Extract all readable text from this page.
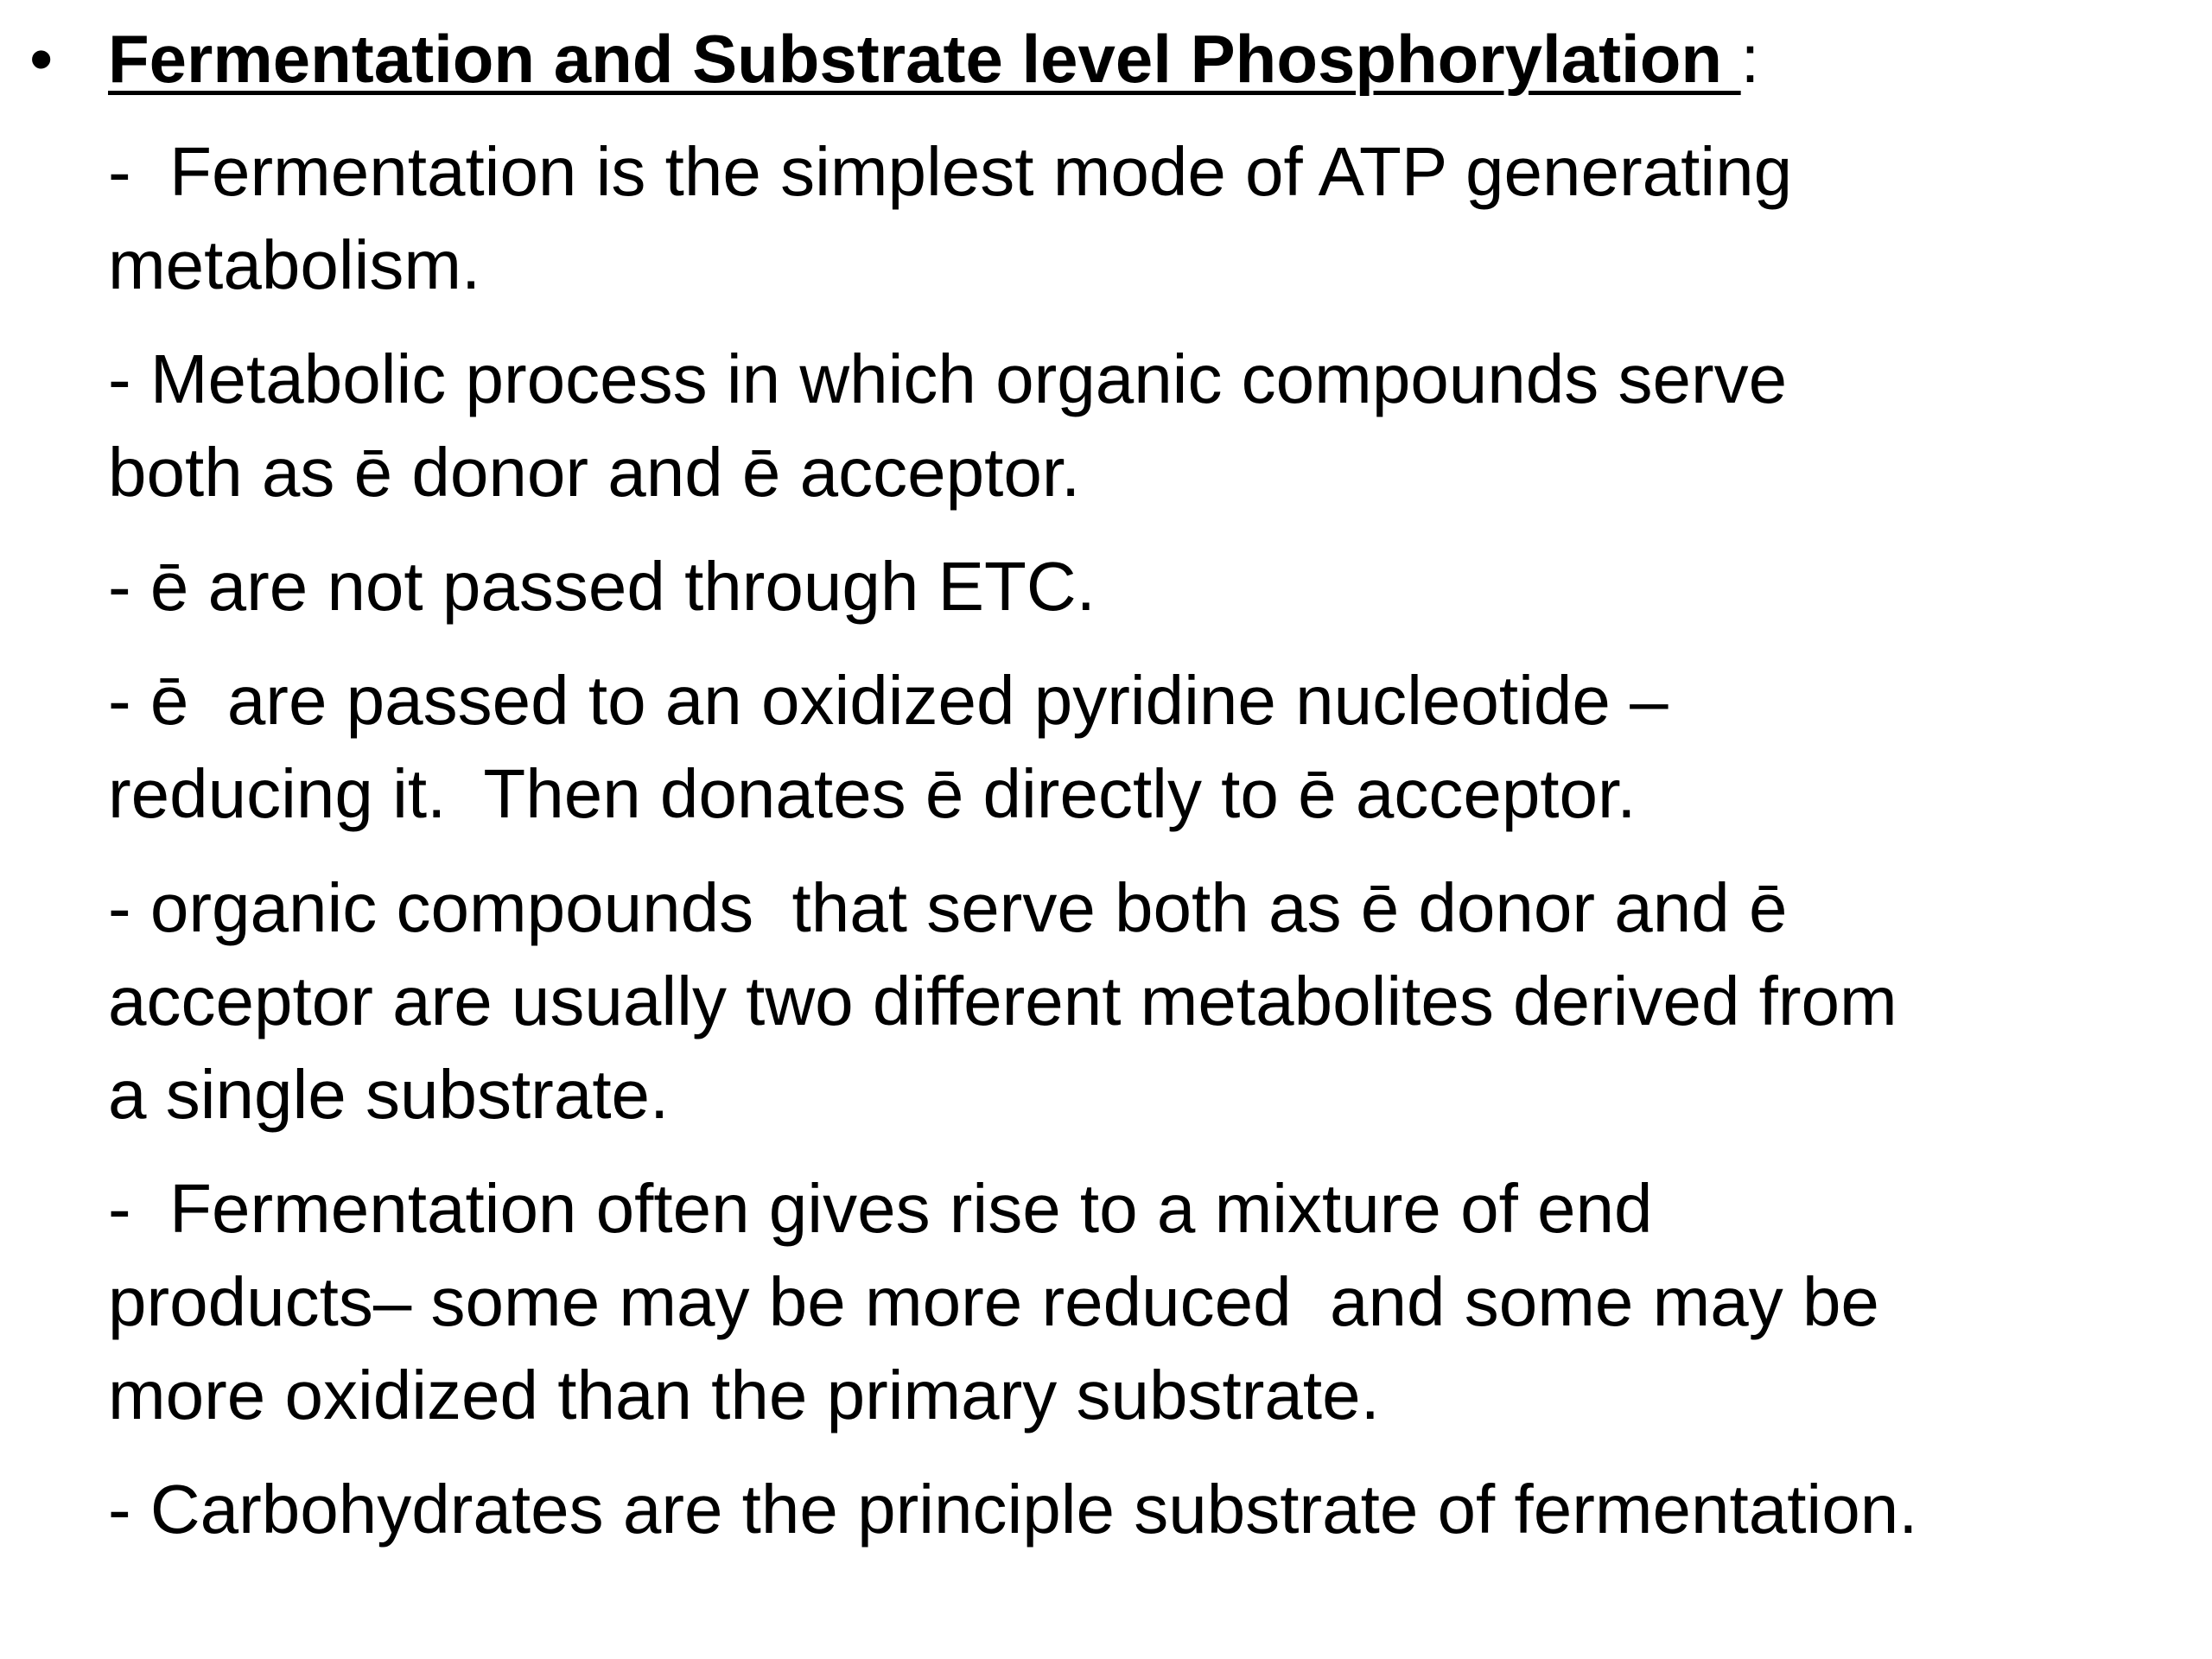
• Fermentation and Substrate level Phosphorylation :

-  Fermentation is the simplest mode of ATP generating
metabolism.

- Metabolic process in which organic compounds serve
both as ē donor and ē acceptor.

- ē are not passed through ETC.

- ē  are passed to an oxidized pyridine nucleotide –
reducing it.  Then donates ē directly to ē acceptor.

- organic compounds  that serve both as ē donor and ē
acceptor are usually two different metabolites derived from
a single substrate.

-  Fermentation often gives rise to a mixture of end
products– some may be more reduced  and some may be
more oxidized than the primary substrate.

- Carbohydrates are the principle substrate of fermentation.
